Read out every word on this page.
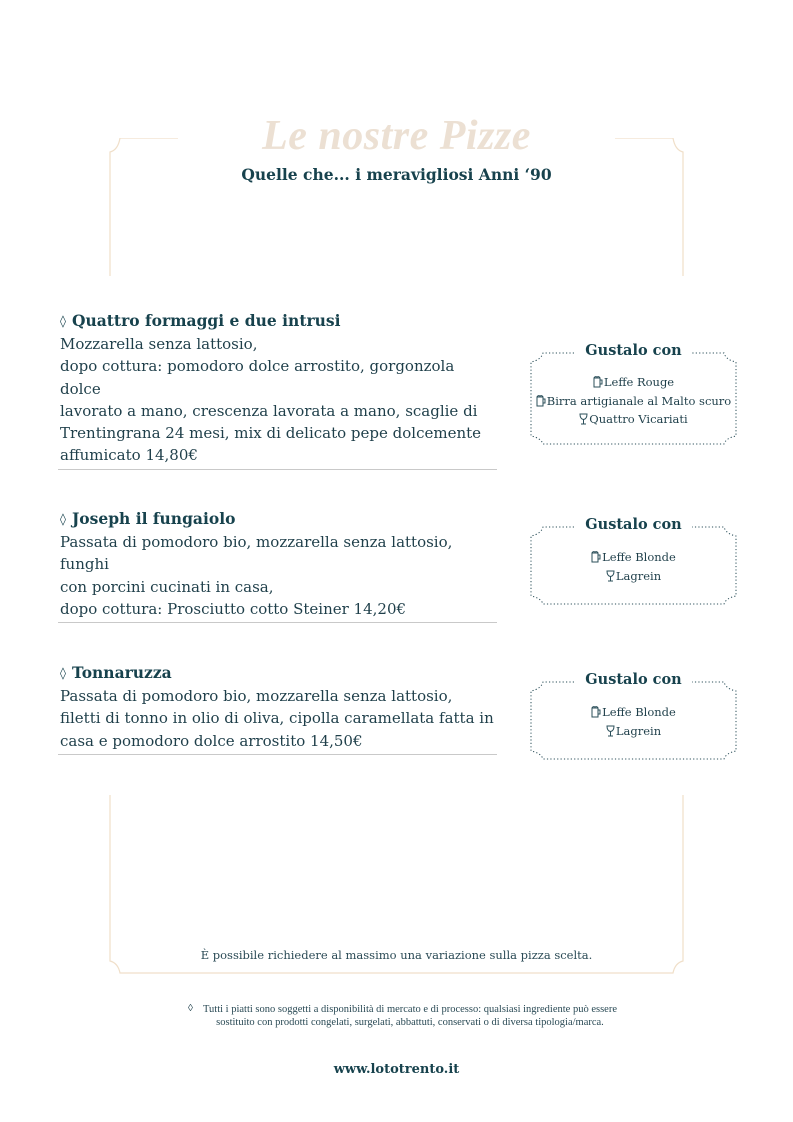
Le nostre Pizze
Quelle che... i meravigliosi Anni ‘90
◊ Quattro formaggi e due intrusi
Mozzarella senza lattosio,
dopo cottura: pomodoro dolce arrostito, gorgonzola dolce
lavorato a mano, crescenza lavorata a mano, scaglie di
Trentingrana 24 mesi, mix di delicato pepe dolcemente
affumicato 14,80€
Gustalo con
Leffe Rouge
Birra artigianale al Malto scuro
Quattro Vicariati
◊ Joseph il fungaiolo
Passata di pomodoro bio, mozzarella senza lattosio, funghi
con porcini cucinati in casa,
dopo cottura: Prosciutto cotto Steiner 14,20€
Gustalo con
Leffe Blonde
Lagrein
◊ Tonnaruzza
Passata di pomodoro bio, mozzarella senza lattosio,
filetti di tonno in olio di oliva, cipolla caramellata fatta in
casa e pomodoro dolce arrostito 14,50€
Gustalo con
Leffe Blonde
Lagrein
È possibile richiedere al massimo una variazione sulla pizza scelta.
◊ Tutti i piatti sono soggetti a disponibilità di mercato e di processo: qualsiasi ingrediente può essere
sostituito con prodotti congelati, surgelati, abbattuti, conservati o di diversa tipologia/marca.
www.lototrento.it
